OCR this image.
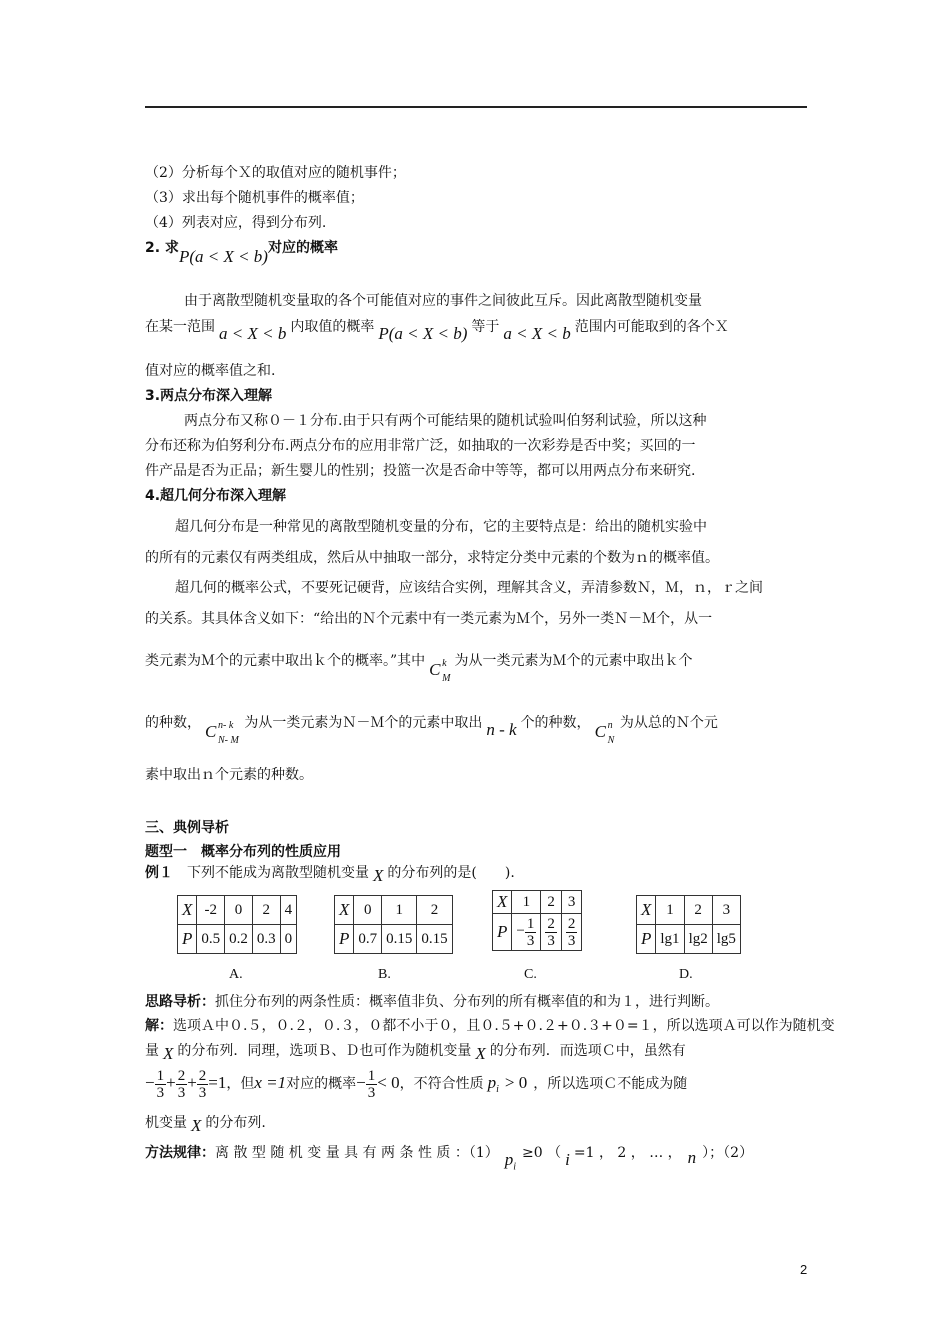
（2）分析每个Ｘ的取值对应的随机事件；
（3）求出每个随机事件的概率值；
（4）列表对应，得到分布列.
2. 求P(a < X < b)对应的概率
由于离散型随机变量取的各个可能值对应的事件之间彼此互斥。因此离散型随机变量
在某一范围 a < X < b 内取值的概率 P(a < X < b) 等于 a < X < b 范围内可能取到的各个Ｘ
值对应的概率值之和.
3.两点分布深入理解
两点分布又称０－１分布.由于只有两个可能结果的随机试验叫伯努利试验，所以这种
分布还称为伯努利分布.两点分布的应用非常广泛，如抽取的一次彩券是否中奖；买回的一
件产品是否为正品；新生婴儿的性别；投篮一次是否命中等等，都可以用两点分布来研究.
4.超几何分布深入理解
超几何分布是一种常见的离散型随机变量的分布，它的主要特点是：给出的随机实验中
的所有的元素仅有两类组成，然后从中抽取一部分，求特定分类中元素的个数为ｎ的概率值。
超几何的概率公式，不要死记硬背，应该结合实例，理解其含义，弄清参数Ｎ，Ｍ，ｎ，ｒ之间
的关系。其具体含义如下：“给出的Ｎ个元素中有一类元素为Ｍ个，另外一类Ｎ－Ｍ个，从一
类元素为Ｍ个的元素中取出ｋ个的概率。”其中 C k
M
为从一类元素为Ｍ个的元素中取出ｋ个
的种数， C n- k
N- M
为从一类元素为Ｎ－Ｍ个的元素中取出 n - k 个的种数， C n
N
为从总的Ｎ个元
素中取出ｎ个元素的种数。
三、典例导析
题型一　概率分布列的性质应用
例１　 下列不能成为离散型随机变量 X 的分布列的是(　　).
X	-2	0	2	4
P	0.5	0.2	0.3	0
X	0	1	2
P	0.7	0.15	0.15
X	1	2	3
P	− $\frac{1}{3}$	$\frac{2}{3}$	$\frac{2}{3}$
X	1	2	3
P	lg1	lg2	lg5
A.	B.	C.	D.
思路导析：抓住分布列的两条性质：概率值非负、分布列的所有概率值的和为１，进行判断。
解：选项Ａ中０.５，０.２，０.３，０都不小于０，且０.５+０.２+０.３+０=１，所以选项Ａ可以作为随机变
量 X 的分布列．同理，选项Ｂ、Ｄ也可作为随机变量 X 的分布列．而选项Ｃ中，虽然有
− $\frac{1}{3} + \frac{2}{3} + \frac{2}{3} =1$，但x =1对应的概率− $\frac{1}{3} < 0$，不符合性质 $p_i > 0$ ，所以选项Ｃ不能成为随
机变量 X 的分布列.
方法规律：离 散 型 随 机 变 量 具 有 两 条 性 质 ：（1） $p_i\ge 0$ （ i =1 ， 2 ， … ， n ）；（2）
2
